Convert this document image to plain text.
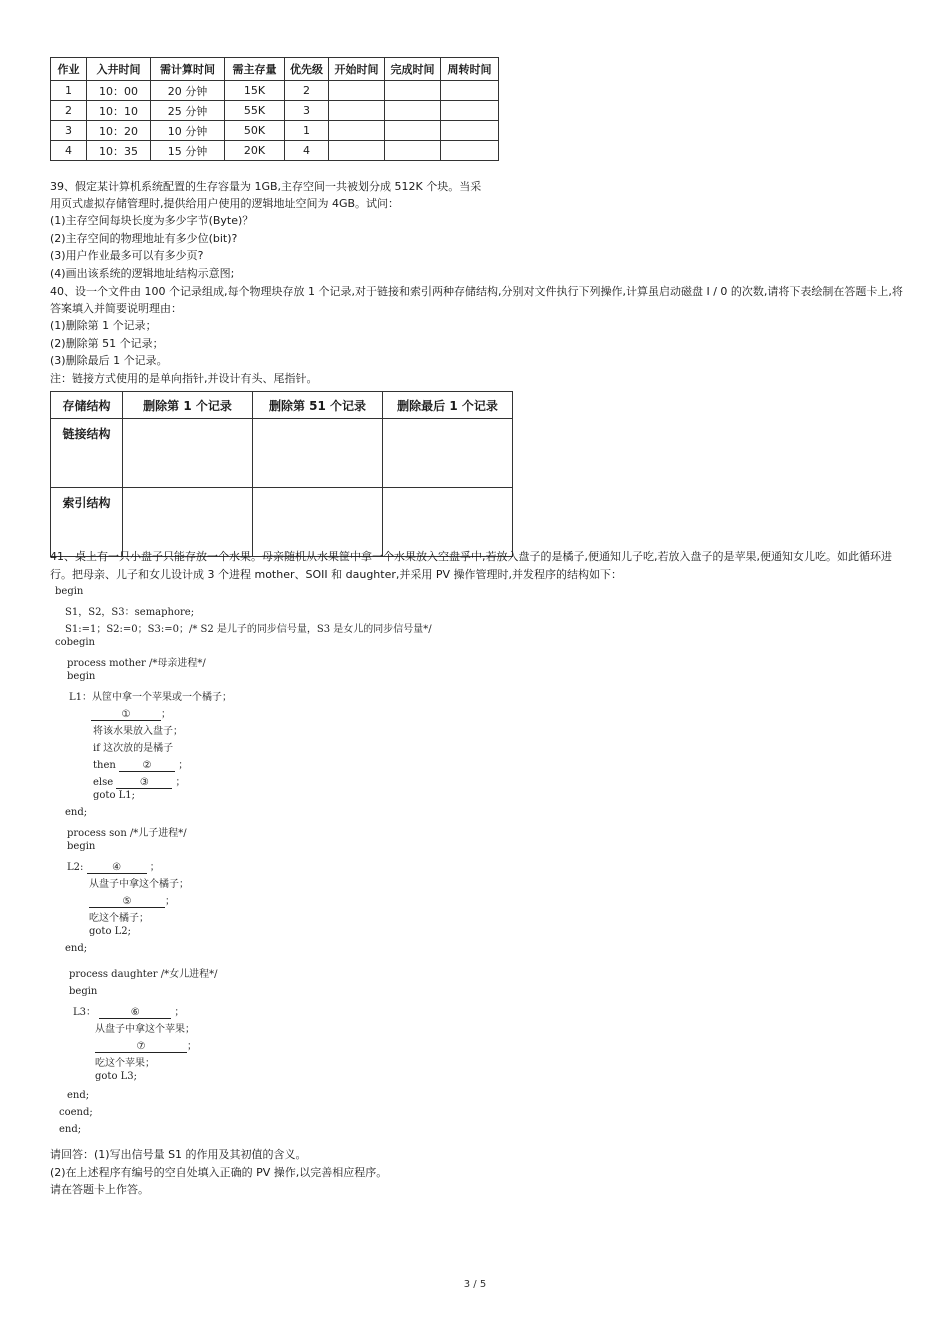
作业	入井时间	需计算时间	需主存量	优先级	开始时间	完成时间	周转时间
1	10：00	20 分钟	15K	2			
2	10：10	25 分钟	55K	3			
3	10：20	10 分钟	50K	1			
4	10：35	15 分钟	20K	4			
39、假定某计算机系统配置的生存容量为 1GB,主存空间一共被划分成 512K 个块。当采
用页式虚拟存储管理时,提供给用户使用的逻辑地址空间为 4GB。试问：
(1)主存空间每块长度为多少字节(Byte)？
(2)主存空间的物理地址有多少位(bit)?
(3)用户作业最多可以有多少页?
(4)画出该系统的逻辑地址结构示意图;
40、设一个文件由 100 个记录组成,每个物理块存放 1 个记录,对于链接和索引两种存储结构,分别对文件执行下列操作,计算虽启动磁盘 I / 0 的次数,请将下表绘制在答题卡上,将答案填入并简要说明理由：
(1)删除第 1 个记录；
(2)删除第 51 个记录；
(3)删除最后 1 个记录。
注：链接方式使用的是单向指针,并设计有头、尾指针。
存储结构	删除第 1 个记录	删除第 51 个记录	删除最后 1 个记录
链接结构			
索引结构			
41、桌上有一只小盘子只能存放一个水果。母亲随机从水果筐中拿一个水果放入空盘孚中,若放入盘子的是橘子,便通知儿子吃,若放入盘子的是苹果,便通知女儿吃。如此循环进行。把母亲、儿子和女儿设计成 3 个进程 mother、SOII 和 daughter,并采用 PV 操作管理时,并发程序的结构如下：
begin
S1，S2，S3：semaphore;
S1:=1；S2:=0；S3:=0；/* S2 是儿子的同步信号量，S3 是女儿的同步信号量*/
cobegin
process mother /*母亲进程*/
begin
L1：从筐中拿一个苹果或一个橘子；
①	；
将该水果放入盘子；
if 这次放的是橘子
then	② ；
else	③ ；
goto L1;
end;
process son /*儿子进程*/
begin
L2:	④	；
从盘子中拿这个橘子；
⑤	；
吃这个橘子；
goto L2;
end;
process daughter /*女儿进程*/
begin
L3：	⑥	；
从盘子中拿这个苹果；
⑦	；
吃这个苹果；
goto L3;
end;
coend;
end;
请回答：(1)写出信号量 S1 的作用及其初值的含义。
(2)在上述程序有编号的空自处填入正确的 PV 操作,以完善相应程序。
请在答题卡上作答。
3 / 5
